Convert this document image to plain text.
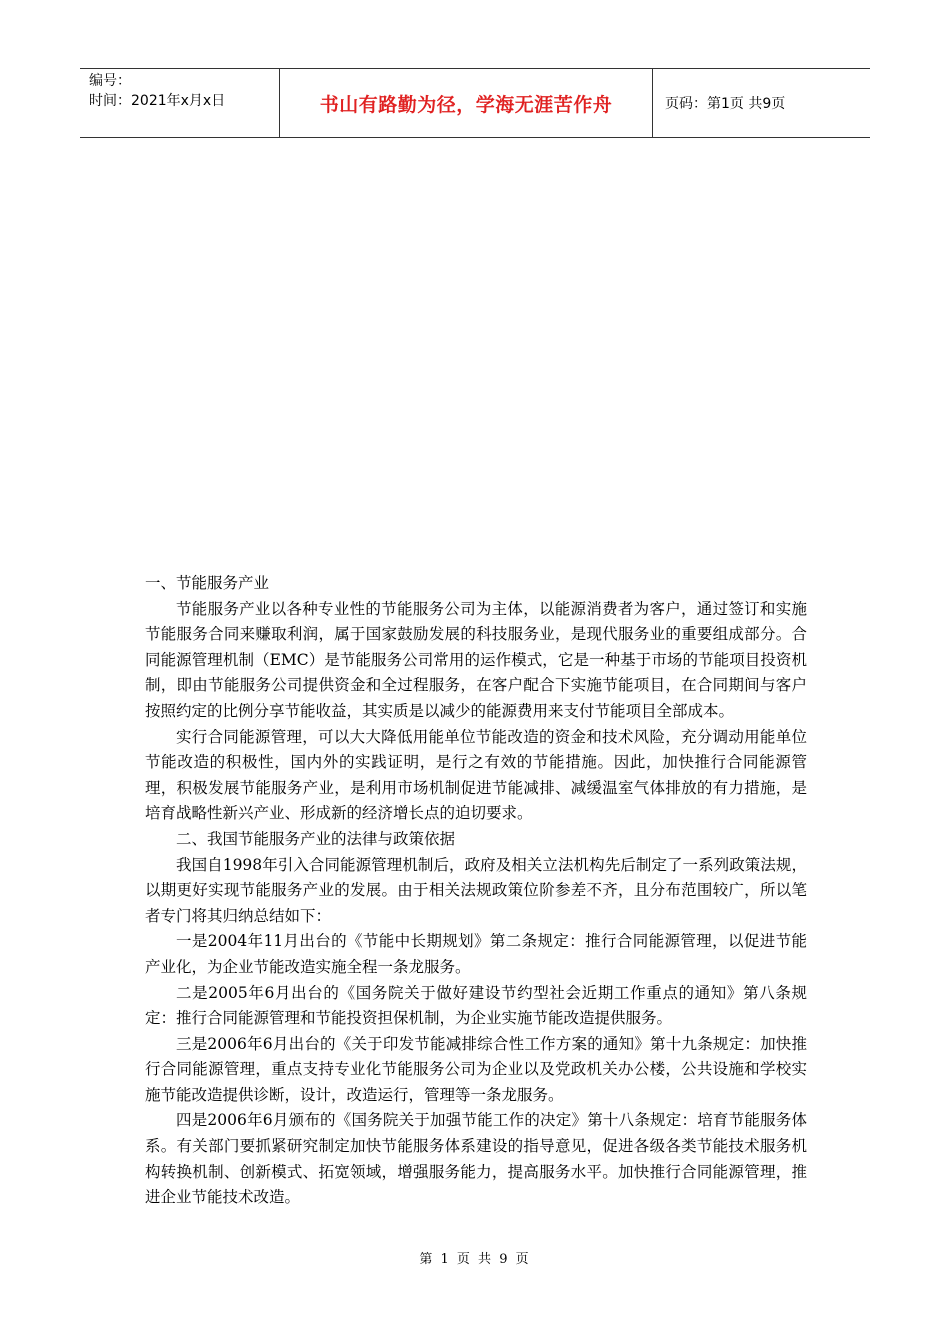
编号：
时间：2021年x月x日	书山有路勤为径，学海无涯苦作舟	页码：第1页 共9页

一、节能服务产业

节能服务产业以各种专业性的节能服务公司为主体，以能源消费者为客户，通过签订和实施节能服务合同来赚取利润，属于国家鼓励发展的科技服务业，是现代服务业的重要组成部分。合同能源管理机制（EMC）是节能服务公司常用的运作模式，它是一种基于市场的节能项目投资机制，即由节能服务公司提供资金和全过程服务，在客户配合下实施节能项目，在合同期间与客户按照约定的比例分享节能收益，其实质是以减少的能源费用来支付节能项目全部成本。

实行合同能源管理，可以大大降低用能单位节能改造的资金和技术风险，充分调动用能单位节能改造的积极性，国内外的实践证明，是行之有效的节能措施。因此，加快推行合同能源管理，积极发展节能服务产业，是利用市场机制促进节能减排、减缓温室气体排放的有力措施，是培育战略性新兴产业、形成新的经济增长点的迫切要求。

二、我国节能服务产业的法律与政策依据

我国自1998年引入合同能源管理机制后，政府及相关立法机构先后制定了一系列政策法规，以期更好实现节能服务产业的发展。由于相关法规政策位阶参差不齐，且分布范围较广，所以笔者专门将其归纳总结如下：

一是2004年11月出台的《节能中长期规划》第二条规定：推行合同能源管理，以促进节能产业化，为企业节能改造实施全程一条龙服务。

二是2005年6月出台的《国务院关于做好建设节约型社会近期工作重点的通知》第八条规定：推行合同能源管理和节能投资担保机制，为企业实施节能改造提供服务。

三是2006年6月出台的《关于印发节能减排综合性工作方案的通知》第十九条规定：加快推行合同能源管理，重点支持专业化节能服务公司为企业以及党政机关办公楼，公共设施和学校实施节能改造提供诊断，设计，改造运行，管理等一条龙服务。

四是2006年6月颁布的《国务院关于加强节能工作的决定》第十八条规定：培育节能服务体系。有关部门要抓紧研究制定加快节能服务体系建设的指导意见，促进各级各类节能技术服务机构转换机制、创新模式、拓宽领域，增强服务能力，提高服务水平。加快推行合同能源管理，推进企业节能技术改造。

第 1 页 共 9 页
